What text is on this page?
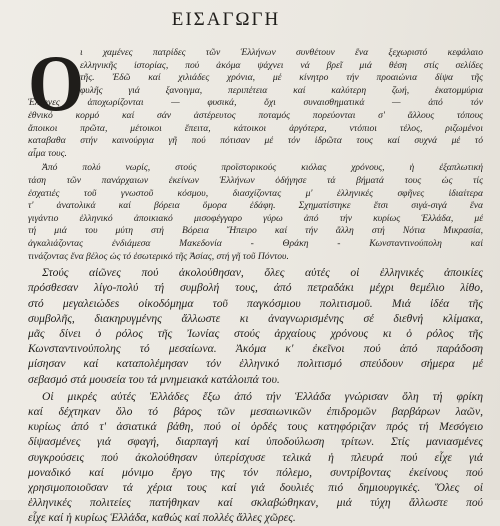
ΕΙΣΑΓΩΓΗ
Ο
ι χαμένες πατρίδες τῶν Ἑλλήνων συνθέτουν ἕνα ξεχωριστό κεφάλαιο
ελληνικῆς ἱστορίας, πού ἀκόμα ψάχνει νά βρεῖ μιά θέση στίς σελίδες
τῆς. Ἐδῶ καί χιλιάδες χρόνια, μέ κίνητρο τήν προαιώνια δίψα τῆς
φυλῆς γιά ξανοιγμα, περιπέτεια καί καλύτερη ζωή, ἑκατομμύρια
Ἑλληνες ἀποχωρίζονται — φυσικά, ὄχι συναισθηματικά — ἀπό τόν
ἐθνικό κορμό καί σάν ἀστέρευτος ποταμός πορεύονται σ' ἄλλους τόπους
ἄποικοι πρῶτα, μέτοικοι ἔπειτα, κάτοικοι ἀργότερα, ντόπιοι τέλος, ριζωμένοι
καταβαθα στήν καινούργια γῆ πού πότισαν μέ τόν ἱδρῶτα τους καί συχνά μέ τό
αἷμα τους.
Ἀπό πολύ νωρίς, στούς προϊστορικούς κιόλας χρόνους, ἡ ἐξαπλωτική
τάση τῶν πανάρχαιων ἐκείνων Ἑλλήνων ὁδήγησε τά βήματά τους ὡς τίς
ἐσχατιές τοῦ γνωστοῦ κόσμου, διασχίζοντας μ' ἑλληνικές σφῆνες ἰδιαίτερα
τ' ἀνατολικά καί βόρεια ὅμορα ἐδάφη. Σχηματίστηκε ἔτσι σιγά-σιγά ἕνα
γιγάντιο ἑλληνικό ἀποικιακό μισοφέγγαρο γύρω ἀπό τήν κυρίως Ἑλλάδα, μέ
τή μιά του μύτη στή Βόρεια Ἤπειρο καί τήν ἄλλη στή Νότια Μικρασία,
ἀγκαλιάζοντας ἐνδιάμεσα Μακεδονία - Θράκη - Κωνσταντινούπολη καί
τινάζοντας ἕνα βέλος ὡς τό ἐσωτερικό τῆς Ἀσίας, στή γῆ τοῦ Πόντου.
Στούς αἰῶνες πού ἀκολούθησαν, ὅλες αὐτές οἱ ἑλληνικές ἀποικίες
πρόσθεσαν λίγο-πολύ τή συμβολή τους, ἀπό πετραδάκι μέχρι θεμέλιο λίθο,
στό μεγαλειώδεs οἰκοδόμημα τοῦ παγκόσμιου πολιτισμοῦ. Μιά ἰδέα τῆς
συμβολῆς, διακηρυγμένης ἄλλωστε κι ἀναγνωρισμένης σέ διεθνή κλίμακα,
μᾶς δίνει ὁ ρόλος τῆς Ἰωνίας στούς ἀρχαίους χρόνους κι ὁ ρόλος τῆς
Κωνσταντινούπολης τό μεσαίωνα. Ἀκόμα κ' ἐκεῖνοι πού ἀπό παράδοση
μίσησαν καί καταπολέμησαν τόν ἑλληνικό πολιτισμό σπεύδουν σήμερα μέ
σεβασμό στά μουσεία του τά μνημειακά κατάλοιπά του.
Οἱ μικρές αὐτές Ἑλλάδες ἔξω ἀπό τήν Ἑλλάδα γνώρισαν ὅλη τή φρίκη
καί δέχτηκαν ὅλο τό βάρος τῶν μεσαιωνικῶν ἐπιδρομῶν βαρβάρων λαῶν,
κυρίως ἀπό τ' ἀσιατικά βάθη, πού οἱ ὁρδές τους κατηφόριζαν πρός τή Μεσόγειο
δίψασμένες γιά σφαγή, διαρπαγή καί ὑποδούλωση τρίτων. Στίς μανιασμένες
συγκρούσεις πού ἀκολούθησαν ὑπερίσχυσε τελικά ἡ πλευρά πού εἶχε γιά
μοναδικό καί μόνιμο ἔργο της τόν πόλεμο, συντρίβοντας ἐκείνους πού
χρησιμοποιοῦσαν τά χέρια τους καί γιά δουλιές πιό δημιουργικές. Ὅλες οἱ
ἑλληνικές πολιτείες πατήθηκαν καί σκλαβώθηκαν, μιά τύχη ἄλλωστε πού
εἶχε καί ἡ κυρίως Ἑλλάδα, καθώς καί πολλές ἄλλες χῶρες.
